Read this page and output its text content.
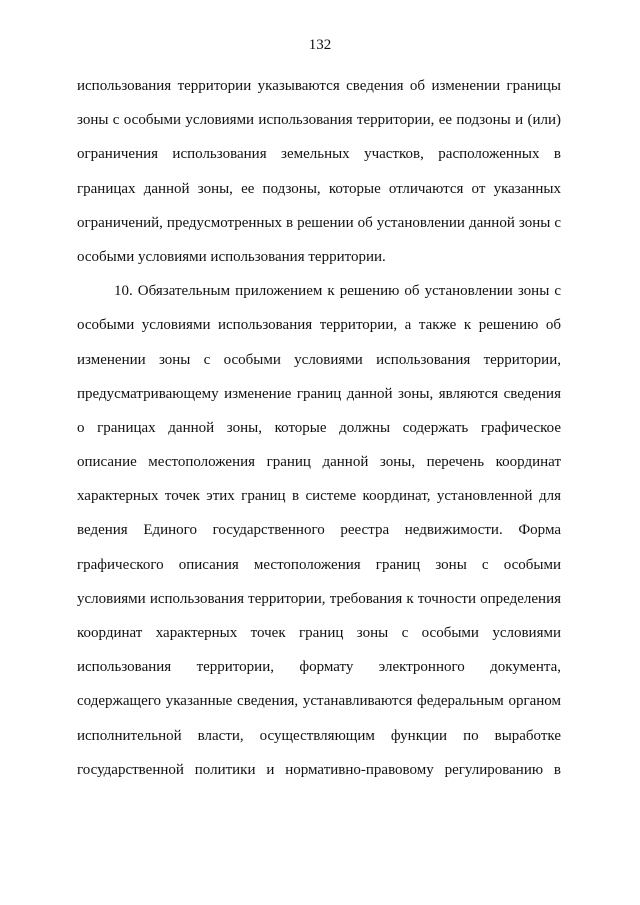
132
использования территории указываются сведения об изменении границы
зоны с особыми условиями использования территории, ее подзоны и (или)
ограничения использования земельных участков, расположенных в
границах данной зоны, ее подзоны, которые отличаются от указанных
ограничений, предусмотренных в решении об установлении данной зоны с
особыми условиями использования территории.
10. Обязательным приложением к решению об установлении зоны с
особыми условиями использования территории, а также к решению об
изменении зоны с особыми условиями использования территории,
предусматривающему изменение границ данной зоны, являются сведения
о границах данной зоны, которые должны содержать графическое
описание местоположения границ данной зоны, перечень координат
характерных точек этих границ в системе координат, установленной для
ведения Единого государственного реестра недвижимости. Форма
графического описания местоположения границ зоны с особыми
условиями использования территории, требования к точности определения
координат характерных точек границ зоны с особыми условиями
использования территории, формату электронного документа,
содержащего указанные сведения, устанавливаются федеральным органом
исполнительной власти, осуществляющим функции по выработке
государственной политики и нормативно-правовому регулированию в
